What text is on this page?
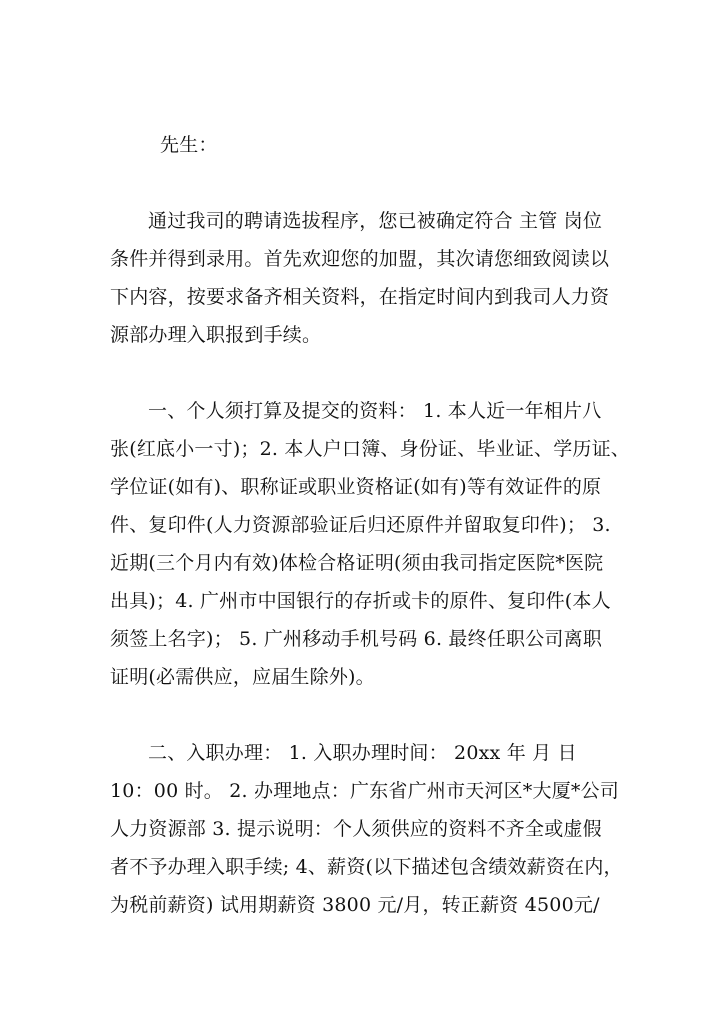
先生：

通过我司的聘请选拔程序，您已被确定符合 主管 岗位

条件并得到录用。首先欢迎您的加盟，其次请您细致阅读以

下内容，按要求备齐相关资料，在指定时间内到我司人力资

源部办理入职报到手续。

一、个人须打算及提交的资料： 1. 本人近一年相片八

张(红底小一寸)；2. 本人户口簿、身份证、毕业证、学历证、

学位证(如有)、职称证或职业资格证(如有)等有效证件的原

件、复印件(人力资源部验证后归还原件并留取复印件)； 3.

近期(三个月内有效)体检合格证明(须由我司指定医院*医院

出具)；4. 广州市中国银行的存折或卡的原件、复印件(本人

须签上名字)； 5. 广州移动手机号码 6. 最终任职公司离职

证明(必需供应，应届生除外)。

二、入职办理： 1. 入职办理时间： 20xx 年 月 日

10：00 时。 2. 办理地点：广东省广州市天河区*大厦*公司

人力资源部 3. 提示说明：个人须供应的资料不齐全或虚假

者不予办理入职手续; 4、薪资(以下描述包含绩效薪资在内，

为税前薪资) 试用期薪资 3800 元/月，转正薪资 4500元/
